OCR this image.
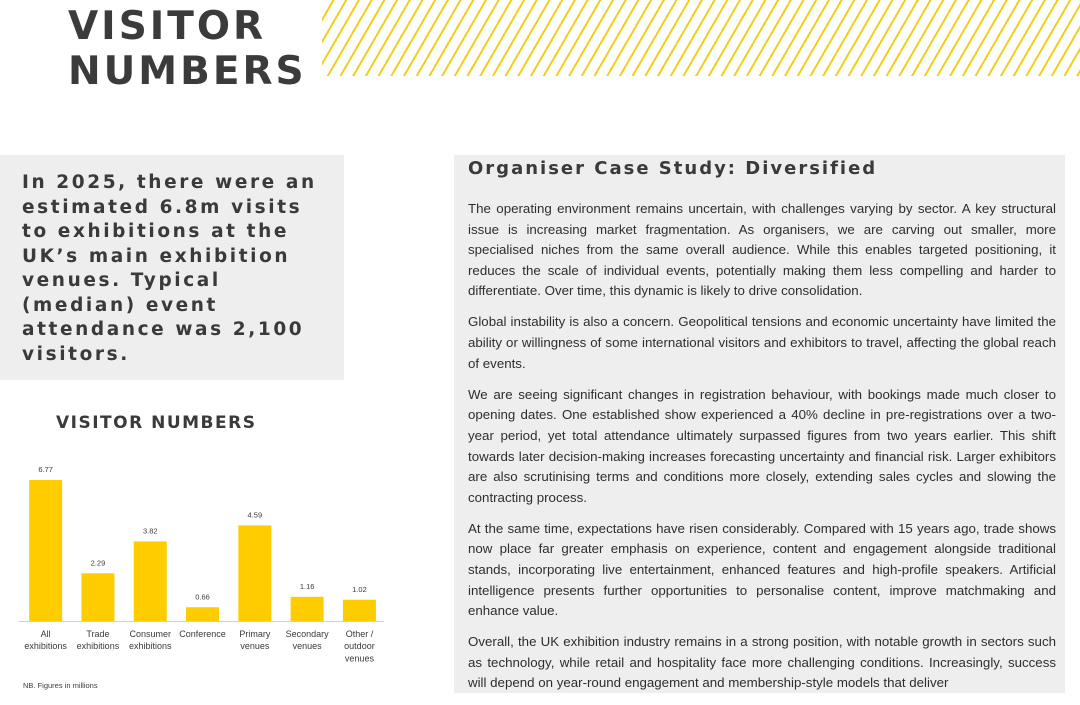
VISITOR
NUMBERS

In 2025, there were an estimated 6.8m visits to exhibitions at the UK’s main exhibition venues. Typical (median) event attendance was 2,100 visitors.

VISITOR NUMBERS
6.77
All exhibitions
2.29
Trade exhibitions
3.82
Consumer exhibitions
0.66
Conference
4.59
Primary venues
1.16
Secondary venues
1.02
Other / outdoor venues
NB. Figures in millions
Organiser Case Study: Diversified

The operating environment remains uncertain, with challenges varying by sector. A key structural issue is increasing market fragmentation. As organisers, we are carving out smaller, more specialised niches from the same overall audience. While this enables targeted positioning, it reduces the scale of individual events, potentially making them less compelling and harder to differentiate. Over time, this dynamic is likely to drive consolidation.

Global instability is also a concern. Geopolitical tensions and economic uncertainty have limited the ability or willingness of some international visitors and exhibitors to travel, affecting the global reach of events.

We are seeing significant changes in registration behaviour, with bookings made much closer to opening dates. One established show experienced a 40% decline in pre-registrations over a two-year period, yet total attendance ultimately surpassed figures from two years earlier. This shift towards later decision-making increases forecasting uncertainty and financial risk. Larger exhibitors are also scrutinising terms and conditions more closely, extending sales cycles and slowing the contracting process.

At the same time, expectations have risen considerably. Compared with 15 years ago, trade shows now place far greater emphasis on experience, content and engagement alongside traditional stands, incorporating live entertainment, enhanced features and high-profile speakers. Artificial intelligence presents further opportunities to personalise content, improve matchmaking and enhance value.

Overall, the UK exhibition industry remains in a strong position, with notable growth in sectors such as technology, while retail and hospitality face more challenging conditions. Increasingly, success will depend on year-round engagement and membership-style models that deliver
